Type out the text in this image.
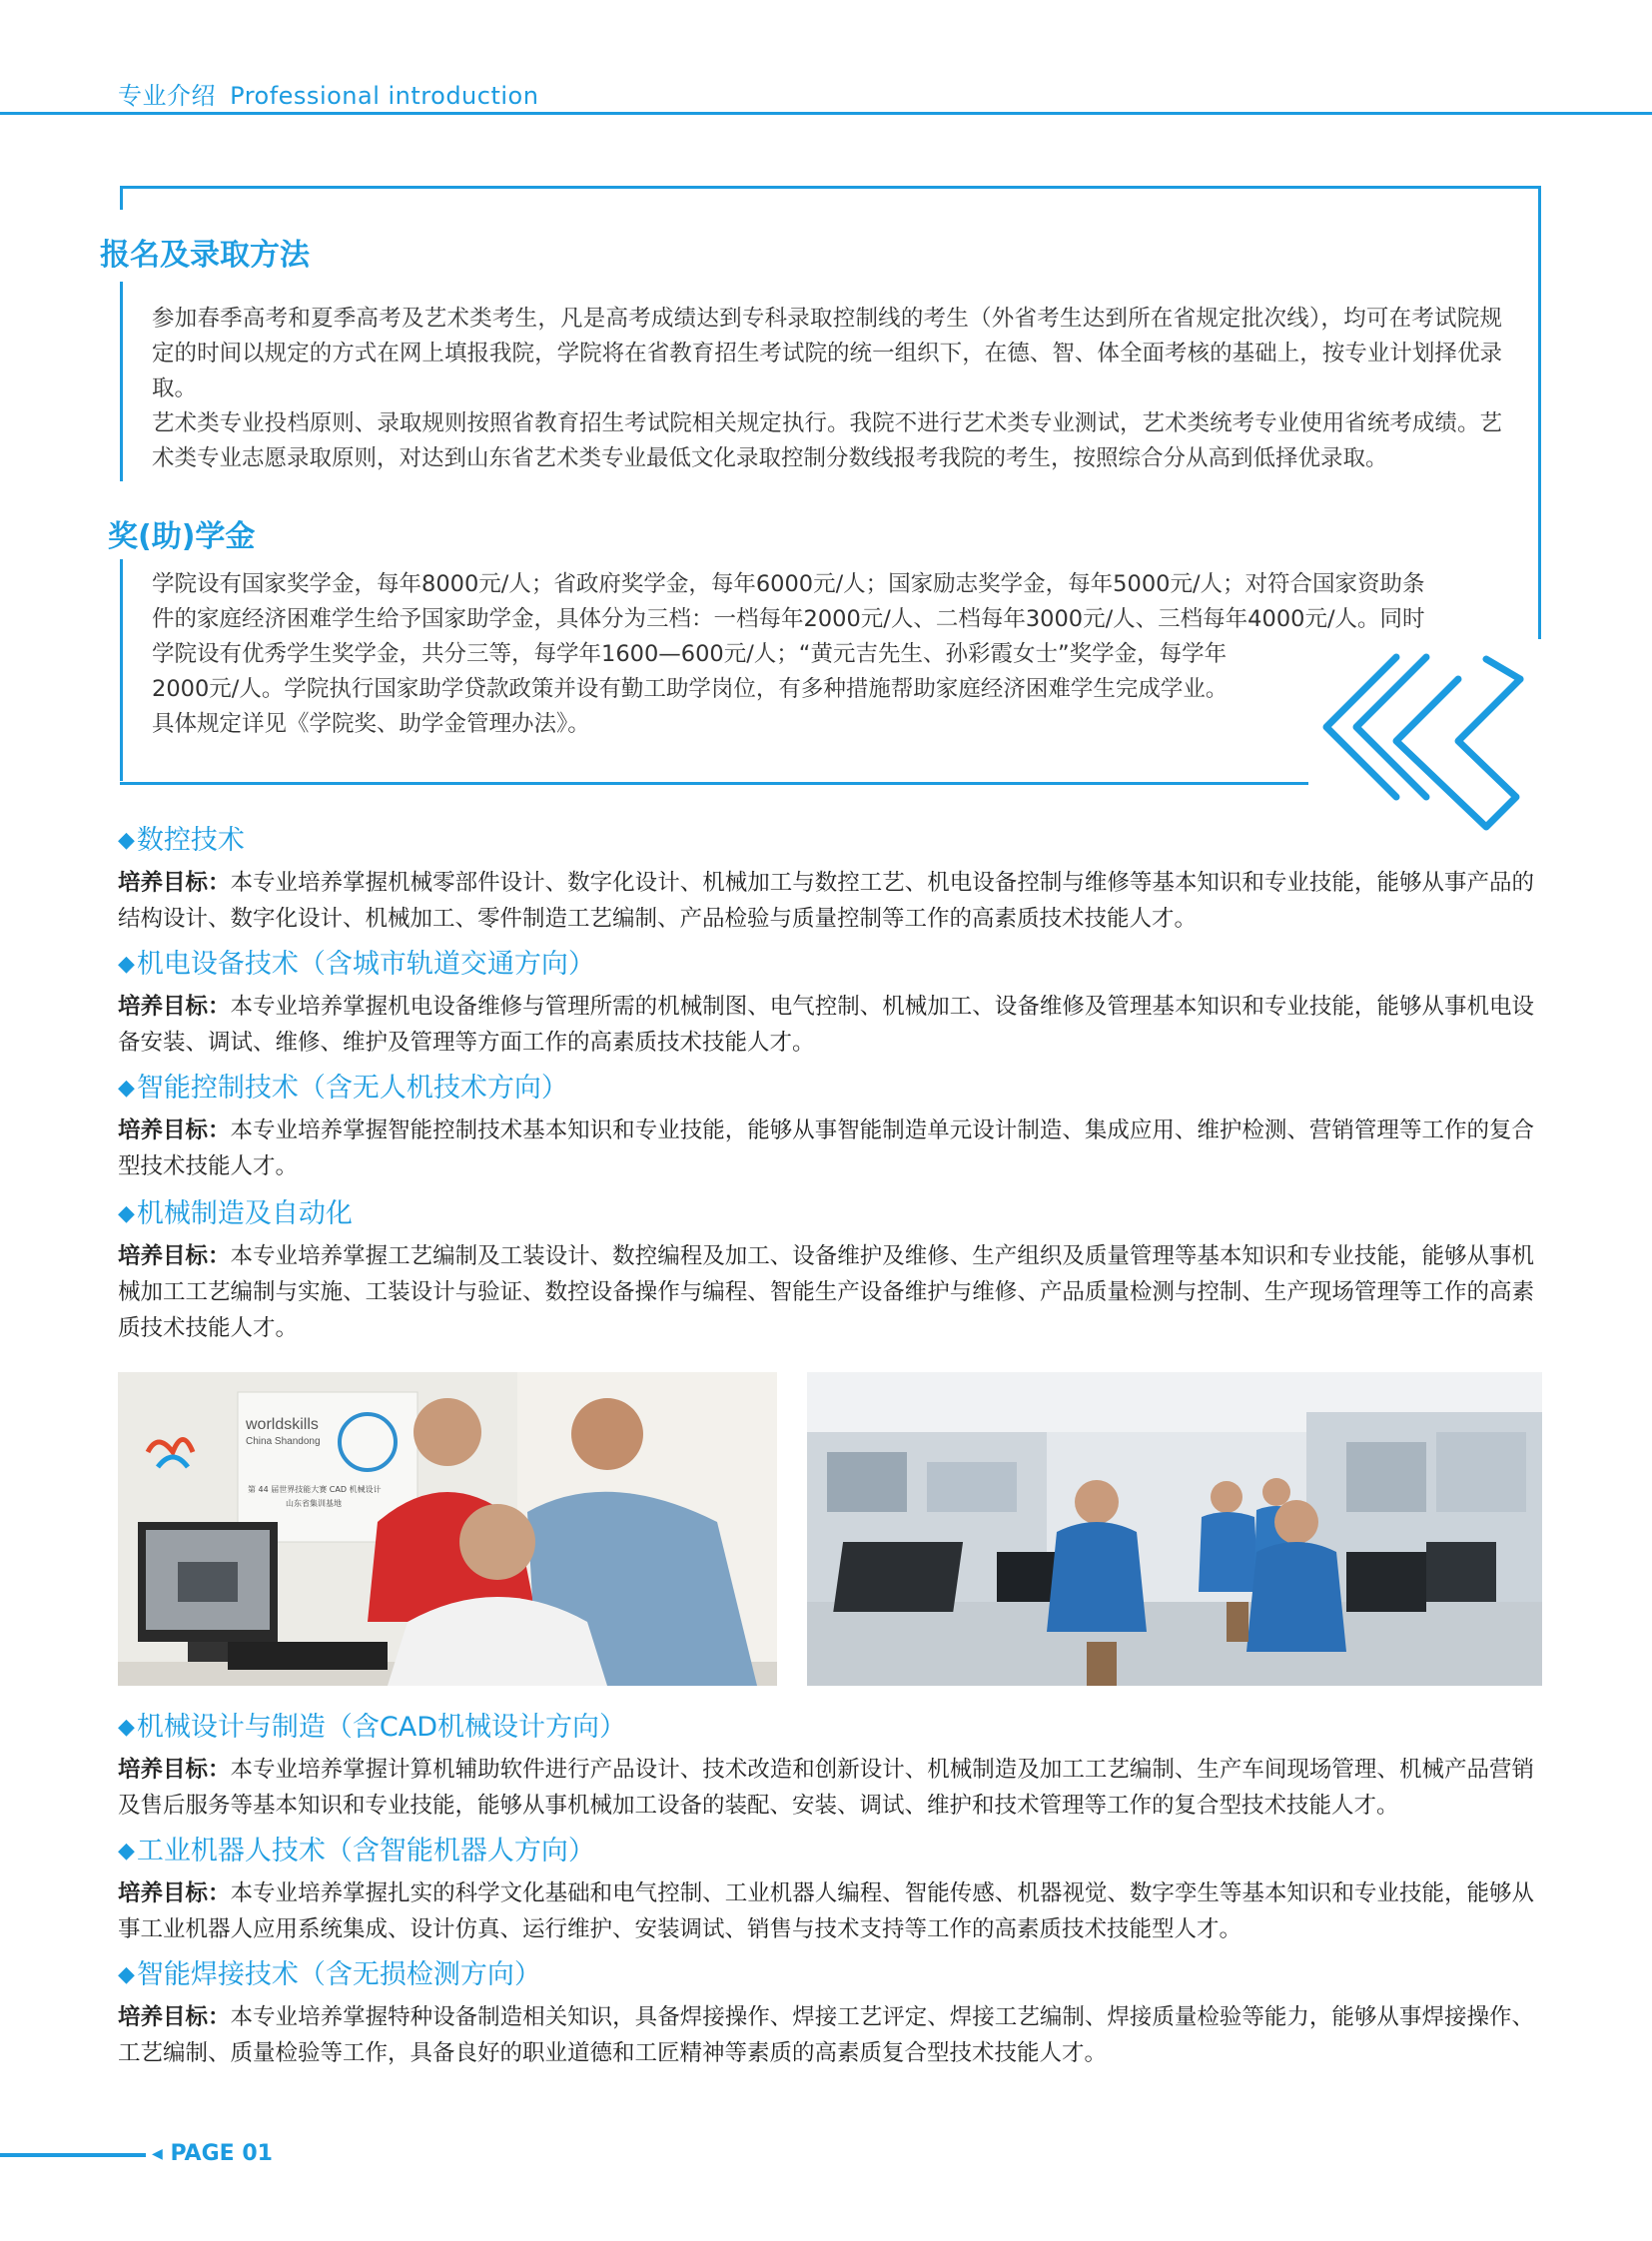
专业介绍 Professional introduction
报名及录取方法

参加春季高考和夏季高考及艺术类考生，凡是高考成绩达到专科录取控制线的考生（外省考生达到所在省规定批次线），均可在考试院规定的时间以规定的方式在网上填报我院，学院将在省教育招生考试院的统一组织下，在德、智、体全面考核的基础上，按专业计划择优录取。

艺术类专业投档原则、录取规则按照省教育招生考试院相关规定执行。我院不进行艺术类专业测试，艺术类统考专业使用省统考成绩。艺术类专业志愿录取原则，对达到山东省艺术类专业最低文化录取控制分数线报考我院的考生，按照综合分从高到低择优录取。

奖(助)学金

学院设有国家奖学金，每年8000元/人；省政府奖学金，每年6000元/人；国家励志奖学金，每年5000元/人；对符合国家资助条

件的家庭经济困难学生给予国家助学金，具体分为三档：一档每年2000元/人、二档每年3000元/人、三档每年4000元/人。同时

学院设有优秀学生奖学金，共分三等，每学年1600—600元/人；“黄元吉先生、孙彩霞女士”奖学金，每学年

2000元/人。学院执行国家助学贷款政策并设有勤工助学岗位，有多种措施帮助家庭经济困难学生完成学业。

具体规定详见《学院奖、助学金管理办法》。

◆数控技术
培养目标：本专业培养掌握机械零部件设计、数字化设计、机械加工与数控工艺、机电设备控制与维修等基本知识和专业技能，能够从事产品的结构设计、数字化设计、机械加工、零件制造工艺编制、产品检验与质量控制等工作的高素质技术技能人才。
◆机电设备技术（含城市轨道交通方向）
培养目标：本专业培养掌握机电设备维修与管理所需的机械制图、电气控制、机械加工、设备维修及管理基本知识和专业技能，能够从事机电设备安装、调试、维修、维护及管理等方面工作的高素质技术技能人才。
◆智能控制技术（含无人机技术方向）
培养目标：本专业培养掌握智能控制技术基本知识和专业技能，能够从事智能制造单元设计制造、集成应用、维护检测、营销管理等工作的复合型技术技能人才。
◆机械制造及自动化
培养目标：本专业培养掌握工艺编制及工装设计、数控编程及加工、设备维护及维修、生产组织及质量管理等基本知识和专业技能，能够从事机械加工工艺编制与实施、工装设计与验证、数控设备操作与编程、智能生产设备维护与维修、产品质量检测与控制、生产现场管理等工作的高素质技术技能人才。
worldskills
China Shandong
第 44 届世界技能大赛 CAD 机械设计
山东省集训基地
◆机械设计与制造（含CAD机械设计方向）
培养目标：本专业培养掌握计算机辅助软件进行产品设计、技术改造和创新设计、机械制造及加工工艺编制、生产车间现场管理、机械产品营销及售后服务等基本知识和专业技能，能够从事机械加工设备的装配、安装、调试、维护和技术管理等工作的复合型技术技能人才。
◆工业机器人技术（含智能机器人方向）
培养目标：本专业培养掌握扎实的科学文化基础和电气控制、工业机器人编程、智能传感、机器视觉、数字孪生等基本知识和专业技能，能够从事工业机器人应用系统集成、设计仿真、运行维护、安装调试、销售与技术支持等工作的高素质技术技能型人才。
◆智能焊接技术（含无损检测方向）
培养目标：本专业培养掌握特种设备制造相关知识，具备焊接操作、焊接工艺评定、焊接工艺编制、焊接质量检验等能力，能够从事焊接操作、工艺编制、质量检验等工作，具备良好的职业道德和工匠精神等素质的高素质复合型技术技能人才。
◀ PAGE 01
